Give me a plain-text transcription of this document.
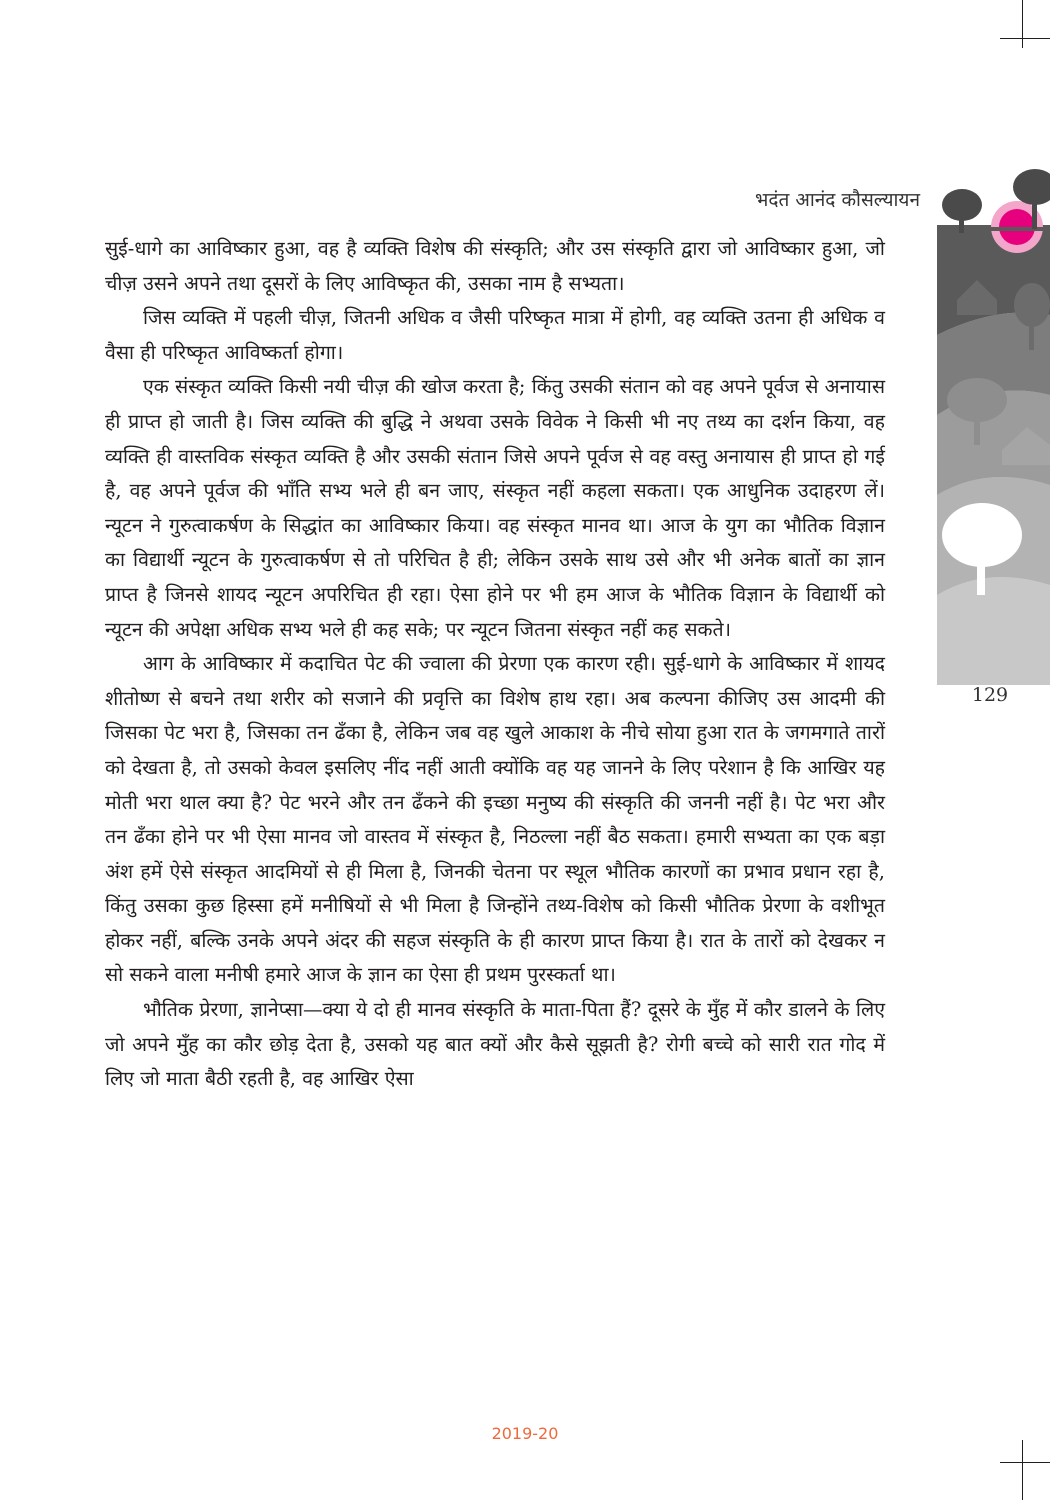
भदंत आनंद कौसल्यायन

सुई-धागे का आविष्कार हुआ, वह है व्यक्ति विशेष की संस्कृति; और उस संस्कृति द्वारा जो आविष्कार हुआ, जो चीज़ उसने अपने तथा दूसरों के लिए आविष्कृत की, उसका नाम है सभ्यता।

जिस व्यक्ति में पहली चीज़, जितनी अधिक व जैसी परिष्कृत मात्रा में होगी, वह व्यक्ति उतना ही अधिक व वैसा ही परिष्कृत आविष्कर्ता होगा।

एक संस्कृत व्यक्ति किसी नयी चीज़ की खोज करता है; किंतु उसकी संतान को वह अपने पूर्वज से अनायास ही प्राप्त हो जाती है। जिस व्यक्ति की बुद्धि ने अथवा उसके विवेक ने किसी भी नए तथ्य का दर्शन किया, वह व्यक्ति ही वास्तविक संस्कृत व्यक्ति है और उसकी संतान जिसे अपने पूर्वज से वह वस्तु अनायास ही प्राप्त हो गई है, वह अपने पूर्वज की भाँति सभ्य भले ही बन जाए, संस्कृत नहीं कहला सकता। एक आधुनिक उदाहरण लें। न्यूटन ने गुरुत्वाकर्षण के सिद्धांत का आविष्कार किया। वह संस्कृत मानव था। आज के युग का भौतिक विज्ञान का विद्यार्थी न्यूटन के गुरुत्वाकर्षण से तो परिचित है ही; लेकिन उसके साथ उसे और भी अनेक बातों का ज्ञान प्राप्त है जिनसे शायद न्यूटन अपरिचित ही रहा। ऐसा होने पर भी हम आज के भौतिक विज्ञान के विद्यार्थी को न्यूटन की अपेक्षा अधिक सभ्य भले ही कह सके; पर न्यूटन जितना संस्कृत नहीं कह सकते।

आग के आविष्कार में कदाचित पेट की ज्वाला की प्रेरणा एक कारण रही। सुई-धागे के आविष्कार में शायद शीतोष्ण से बचने तथा शरीर को सजाने की प्रवृत्ति का विशेष हाथ रहा। अब कल्पना कीजिए उस आदमी की जिसका पेट भरा है, जिसका तन ढँका है, लेकिन जब वह खुले आकाश के नीचे सोया हुआ रात के जगमगाते तारों को देखता है, तो उसको केवल इसलिए नींद नहीं आती क्योंकि वह यह जानने के लिए परेशान है कि आखिर यह मोती भरा थाल क्या है? पेट भरने और तन ढँकने की इच्छा मनुष्य की संस्कृति की जननी नहीं है। पेट भरा और तन ढँका होने पर भी ऐसा मानव जो वास्तव में संस्कृत है, निठल्ला नहीं बैठ सकता। हमारी सभ्यता का एक बड़ा अंश हमें ऐसे संस्कृत आदमियों से ही मिला है, जिनकी चेतना पर स्थूल भौतिक कारणों का प्रभाव प्रधान रहा है, किंतु उसका कुछ हिस्सा हमें मनीषियों से भी मिला है जिन्होंने तथ्य-विशेष को किसी भौतिक प्रेरणा के वशीभूत होकर नहीं, बल्कि उनके अपने अंदर की सहज संस्कृति के ही कारण प्राप्त किया है। रात के तारों को देखकर न सो सकने वाला मनीषी हमारे आज के ज्ञान का ऐसा ही प्रथम पुरस्कर्ता था।

भौतिक प्रेरणा, ज्ञानेप्सा—क्या ये दो ही मानव संस्कृति के माता-पिता हैं? दूसरे के मुँह में कौर डालने के लिए जो अपने मुँह का कौर छोड़ देता है, उसको यह बात क्यों और कैसे सूझती है? रोगी बच्चे को सारी रात गोद में लिए जो माता बैठी रहती है, वह आखिर ऐसा

129
2019-20
